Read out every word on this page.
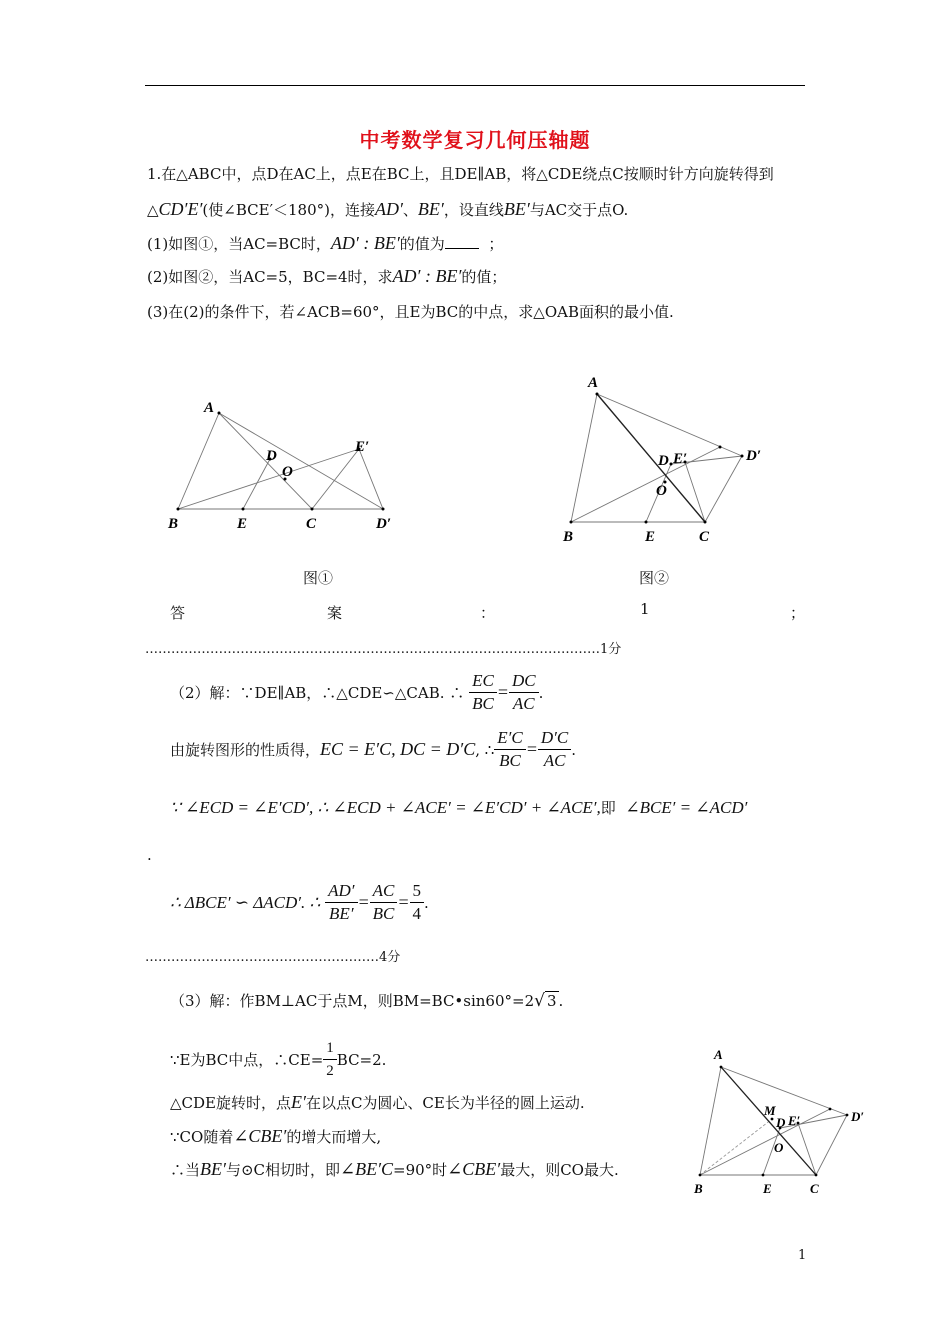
中考数学复习几何压轴题
1.在△ABC中，点D在AC上，点E在BC上，且DE∥AB，将△CDE绕点C按顺时针方向旋转得到
△CD′E′(使∠BCE′＜180°)，连接AD′、BE′，设直线BE′与AC交于点O.
(1)如图①，当AC=BC时，AD′ : BE′的值为	；
(2)如图②，当AC=5，BC=4时，求AD′ : BE′的值；
(3)在(2)的条件下，若∠ACB=60°，且E为BC的中点，求△OAB面积的最小值.
A
D
O
E′
B	E	C	D′
A
D E′	D′
O
B	E	C
图①	图②
答	案	：	1	；
……………………………………………………………………………………………1分
（2）解：∵DE∥AB，∴△CDE∽△CAB. ∴
$\frac{EC}{BC} = \frac{DC}{AC}$ .
由旋转图形的性质得， EC = E′C, DC = D′C , ∴ $\frac{E'C}{BC} = \frac{D'C}{AC}$ .
∵ ∠ECD = ∠E′CD′, ∴ ∠ECD + ∠ACE′ = ∠E′CD′ + ∠ACE′,即 ∠BCE′ = ∠ACD′
.
∴ ΔBCE′ ∽ ΔACD′. ∴
$\frac{AD'}{BE'} = \frac{AC}{BC} = \frac{5}{4}$ .
………………………………………………4分
（3）解：作BM⊥AC于点M，则BM=BC•sin60°=2√ 3 .
∵E为BC中点，∴CE= $\frac{1}{2} BC=2$.
△CDE旋转时，点E′在以点C为圆心、CE长为半径的圆上运动.
∵CO随着∠CBE′的增大而增大,
∴当BE′与⊙C相切时，即∠BE′C=90°时∠CBE′最大，则CO最大.
A
M
D E′	D′
O
B	E	C
1
